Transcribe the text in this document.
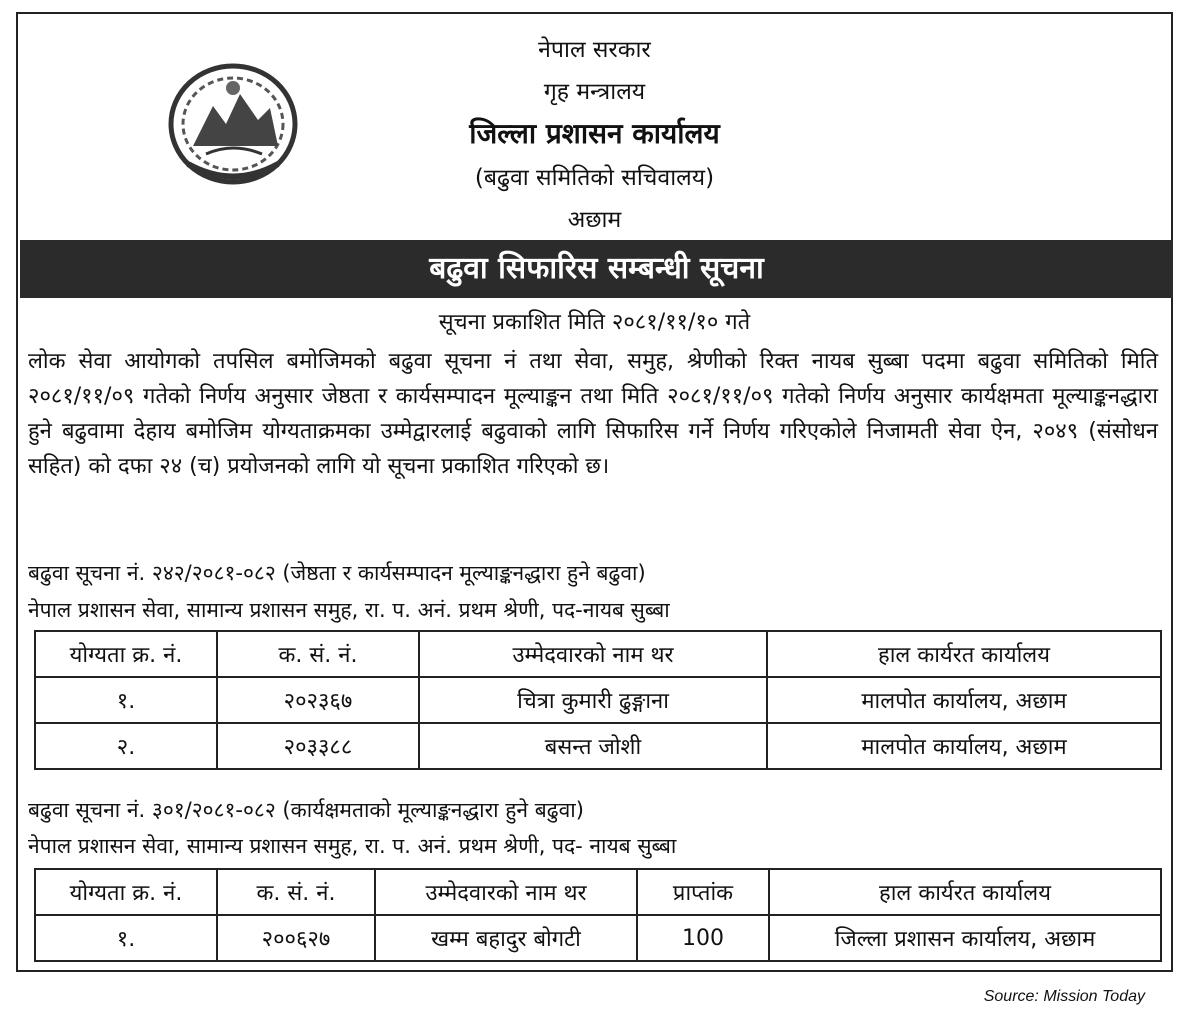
नेपाल सरकार
गृह मन्त्रालय
जिल्ला प्रशासन कार्यालय
(बढुवा समितिको सचिवालय)
अछाम
बढुवा सिफारिस सम्बन्धी सूचना
सूचना प्रकाशित मिति २०८१/११/१० गते
लोक सेवा आयोगको तपसिल बमोजिमको बढुवा सूचना नं तथा सेवा, समुह, श्रेणीको रिक्त नायब सुब्बा पदमा बढुवा समितिको मिति २०८१/११/०९ गतेको निर्णय अनुसार जेष्ठता र कार्यसम्पादन मूल्याङ्कन तथा मिति २०८१/११/०९ गतेको निर्णय अनुसार कार्यक्षमता मूल्याङ्कनद्धारा हुने बढुवामा देहाय बमोजिम योग्यताक्रमका उम्मेद्वारलाई बढुवाको लागि सिफारिस गर्ने निर्णय गरिएकोले निजामती सेवा ऐन, २०४९ (संसोधन सहित) को दफा २४ (च) प्रयोजनको लागि यो सूचना प्रकाशित गरिएको छ।
बढुवा सूचना नं. २४२/२०८१-०८२ (जेष्ठता र कार्यसम्पादन मूल्याङ्कनद्धारा हुने बढुवा)
नेपाल प्रशासन सेवा, सामान्य प्रशासन समुह, रा. प. अनं. प्रथम श्रेणी, पद-नायब सुब्बा
योग्यता क्र. नं.	क. सं. नं.	उम्मेदवारको नाम थर	हाल कार्यरत कार्यालय
१.	२०२३६७	चित्रा कुमारी ढुङ्गाना	मालपोत कार्यालय, अछाम
२.	२०३३८८	बसन्त जोशी	मालपोत कार्यालय, अछाम
बढुवा सूचना नं. ३०१/२०८१-०८२ (कार्यक्षमताको मूल्याङ्कनद्धारा हुने बढुवा)
नेपाल प्रशासन सेवा, सामान्य प्रशासन समुह, रा. प. अनं. प्रथम श्रेणी, पद- नायब सुब्बा
योग्यता क्र. नं.	क. सं. नं.	उम्मेदवारको नाम थर	प्राप्तांक	हाल कार्यरत कार्यालय
१.	२००६२७	खम्म बहादुर बोगटी	100	जिल्ला प्रशासन कार्यालय, अछाम
Source: Mission Today
